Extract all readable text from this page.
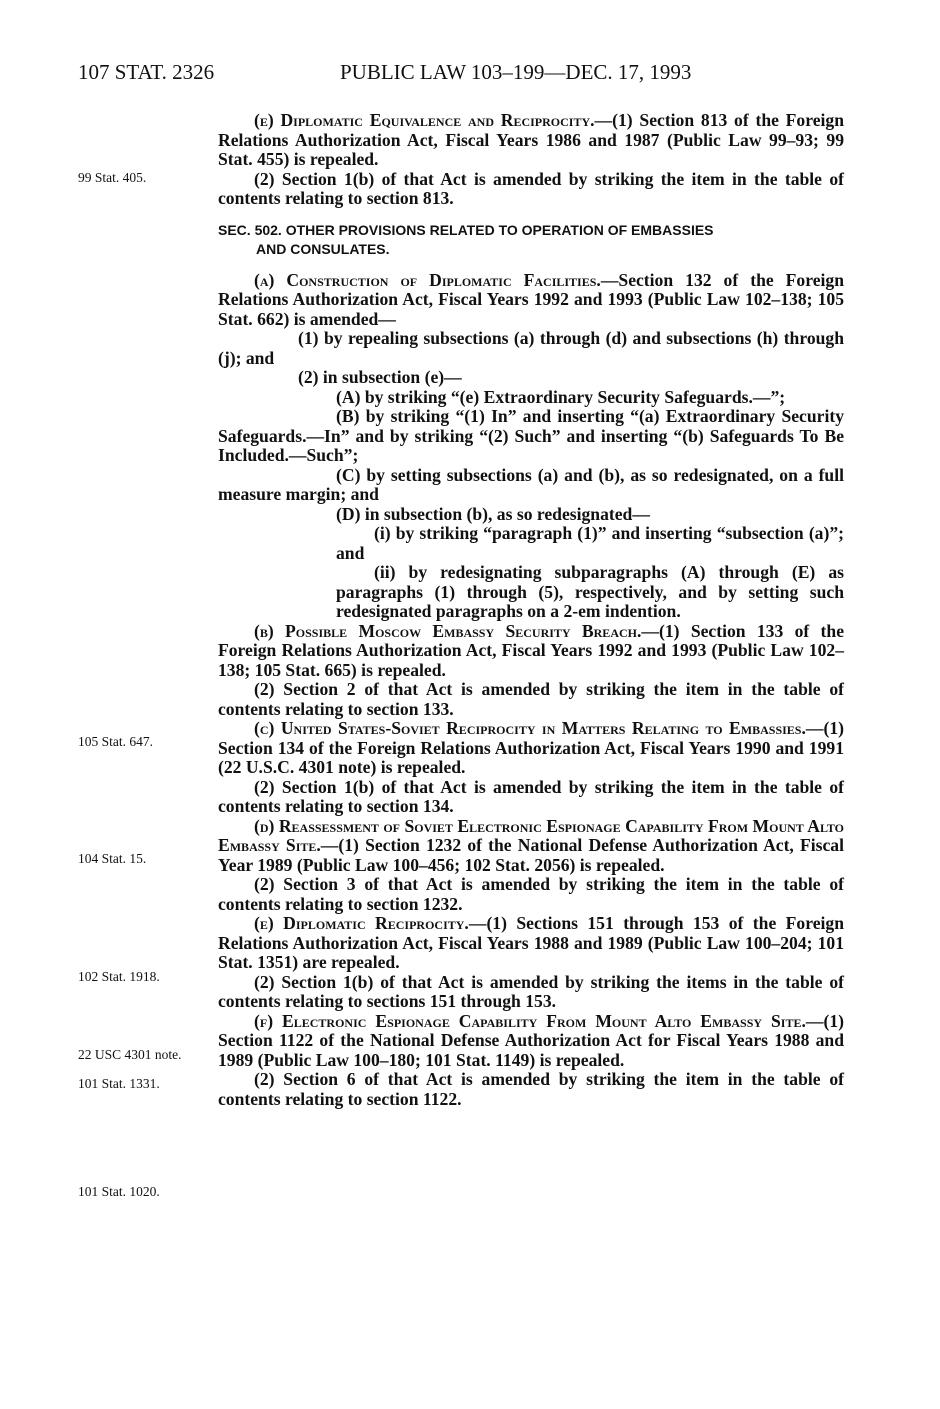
107 STAT. 2326	PUBLIC LAW 103–199—DEC. 17, 1993
99 Stat. 405.
105 Stat. 647.
104 Stat. 15.
102 Stat. 1918.
22 USC 4301 note.
101 Stat. 1331.
101 Stat. 1020.

(e) Diplomatic Equivalence and Reciprocity.—(1) Section 813 of the Foreign Relations Authorization Act, Fiscal Years 1986 and 1987 (Public Law 99–93; 99 Stat. 455) is repealed.

(2) Section 1(b) of that Act is amended by striking the item in the table of contents relating to section 813.

SEC. 502. OTHER PROVISIONS RELATED TO OPERATION OF EMBASSIES
AND CONSULATES.

(a) Construction of Diplomatic Facilities.—Section 132 of the Foreign Relations Authorization Act, Fiscal Years 1992 and 1993 (Public Law 102–138; 105 Stat. 662) is amended—

(1) by repealing subsections (a) through (d) and subsections (h) through (j); and

(2) in subsection (e)—

(A) by striking “(e) Extraordinary Security Safeguards.—”;

(B) by striking “(1) In” and inserting “(a) Extraordinary Security Safeguards.—In” and by striking “(2) Such” and inserting “(b) Safeguards To Be Included.—Such”;

(C) by setting subsections (a) and (b), as so redesignated, on a full measure margin; and

(D) in subsection (b), as so redesignated—

(i) by striking “paragraph (1)” and inserting “subsection (a)”; and

(ii) by redesignating subparagraphs (A) through (E) as paragraphs (1) through (5), respectively, and by setting such redesignated paragraphs on a 2-em indention.

(b) Possible Moscow Embassy Security Breach.—(1) Section 133 of the Foreign Relations Authorization Act, Fiscal Years 1992 and 1993 (Public Law 102–138; 105 Stat. 665) is repealed.

(2) Section 2 of that Act is amended by striking the item in the table of contents relating to section 133.

(c) United States-Soviet Reciprocity in Matters Relating to Embassies.—(1) Section 134 of the Foreign Relations Authorization Act, Fiscal Years 1990 and 1991 (22 U.S.C. 4301 note) is repealed.

(2) Section 1(b) of that Act is amended by striking the item in the table of contents relating to section 134.

(d) Reassessment of Soviet Electronic Espionage Capability From Mount Alto Embassy Site.—(1) Section 1232 of the National Defense Authorization Act, Fiscal Year 1989 (Public Law 100–456; 102 Stat. 2056) is repealed.

(2) Section 3 of that Act is amended by striking the item in the table of contents relating to section 1232.

(e) Diplomatic Reciprocity.—(1) Sections 151 through 153 of the Foreign Relations Authorization Act, Fiscal Years 1988 and 1989 (Public Law 100–204; 101 Stat. 1351) are repealed.

(2) Section 1(b) of that Act is amended by striking the items in the table of contents relating to sections 151 through 153.

(f) Electronic Espionage Capability From Mount Alto Embassy Site.—(1) Section 1122 of the National Defense Authorization Act for Fiscal Years 1988 and 1989 (Public Law 100–180; 101 Stat. 1149) is repealed.

(2) Section 6 of that Act is amended by striking the item in the table of contents relating to section 1122.
